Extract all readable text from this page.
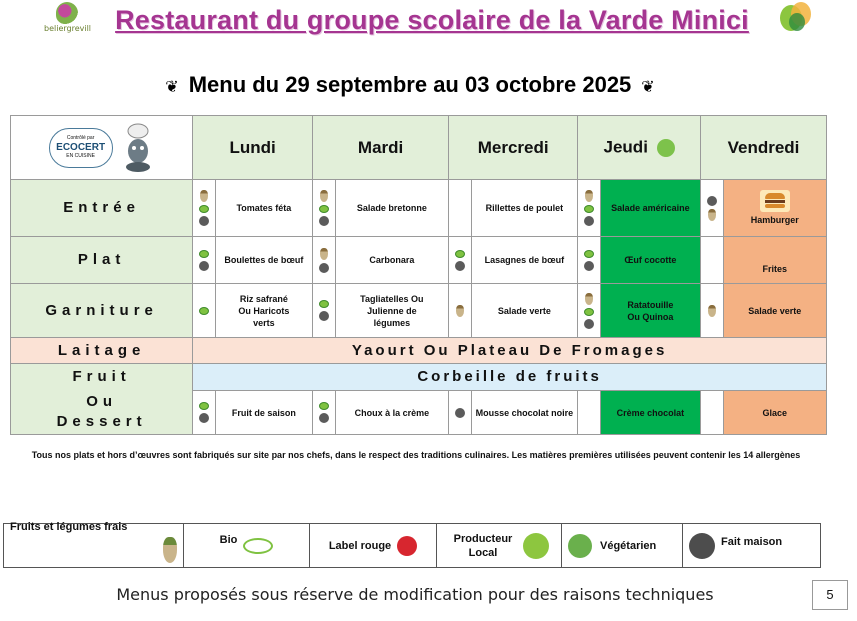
beliergrevill Restaurant du groupe scolaire de la Varde Minici
❦ Menu du 29 septembre au 03 octobre 2025 ❦
Contrôlé par
ECOCERT
EN CUISINE	Lundi		Mardi		Mercredi		Jeudi		Vendredi	
Entrée		Tomates féta		Salade bretonne		Rillettes de poulet		Salade américaine		Hamburger
Plat		Boulettes de bœuf		Carbonara		Lasagnes de bœuf		Œuf cocotte		Frites
Garniture		Riz safrané Ou Haricots verts		Tagliatelles Ou Julienne de légumes		Salade verte		Ratatouille Ou Quinoa		Salade verte
Laitage	Yaourt Ou Plateau De Fromages									
Fruit	Corbeille de fruits									

Ou
Dessert		Fruit de saison		Choux à la crème		Mousse chocolat noire		Crème chocolat		Glace
Tous nos plats et hors d’œuvres sont fabriqués sur site par nos chefs, dans le respect des traditions culinaires. Les matières premières utilisées peuvent contenir les 14 allergènes
Fruits et légumes frais

Bio	Label rouge

Producteur Local

Végétarien	Fait maison
Menus proposés sous réserve de modification pour des raisons techniques	5
